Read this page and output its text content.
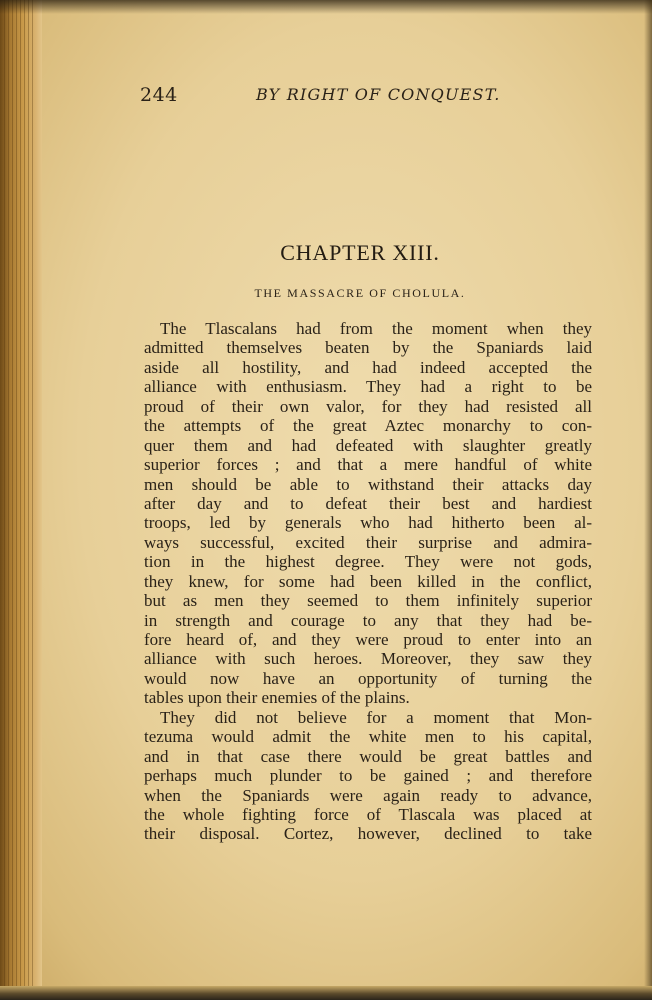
244	BY RIGHT OF CONQUEST.
CHAPTER XIII.
THE MASSACRE OF CHOLULA.
The Tlascalans had from the moment when they
admitted themselves beaten by the Spaniards laid
aside all hostility, and had indeed accepted the
alliance with enthusiasm. They had a right to be
proud of their own valor, for they had resisted all
the attempts of the great Aztec monarchy to con-
quer them and had defeated with slaughter greatly
superior forces ; and that a mere handful of white
men should be able to withstand their attacks day
after day and to defeat their best and hardiest
troops, led by generals who had hitherto been al-
ways successful, excited their surprise and admira-
tion in the highest degree. They were not gods,
they knew, for some had been killed in the conflict,
but as men they seemed to them infinitely superior
in strength and courage to any that they had be-
fore heard of, and they were proud to enter into an
alliance with such heroes. Moreover, they saw they
would now have an opportunity of turning the
tables upon their enemies of the plains.
They did not believe for a moment that Mon-
tezuma would admit the white men to his capital,
and in that case there would be great battles and
perhaps much plunder to be gained ; and therefore
when the Spaniards were again ready to advance,
the whole fighting force of Tlascala was placed at
their disposal. Cortez, however, declined to take
